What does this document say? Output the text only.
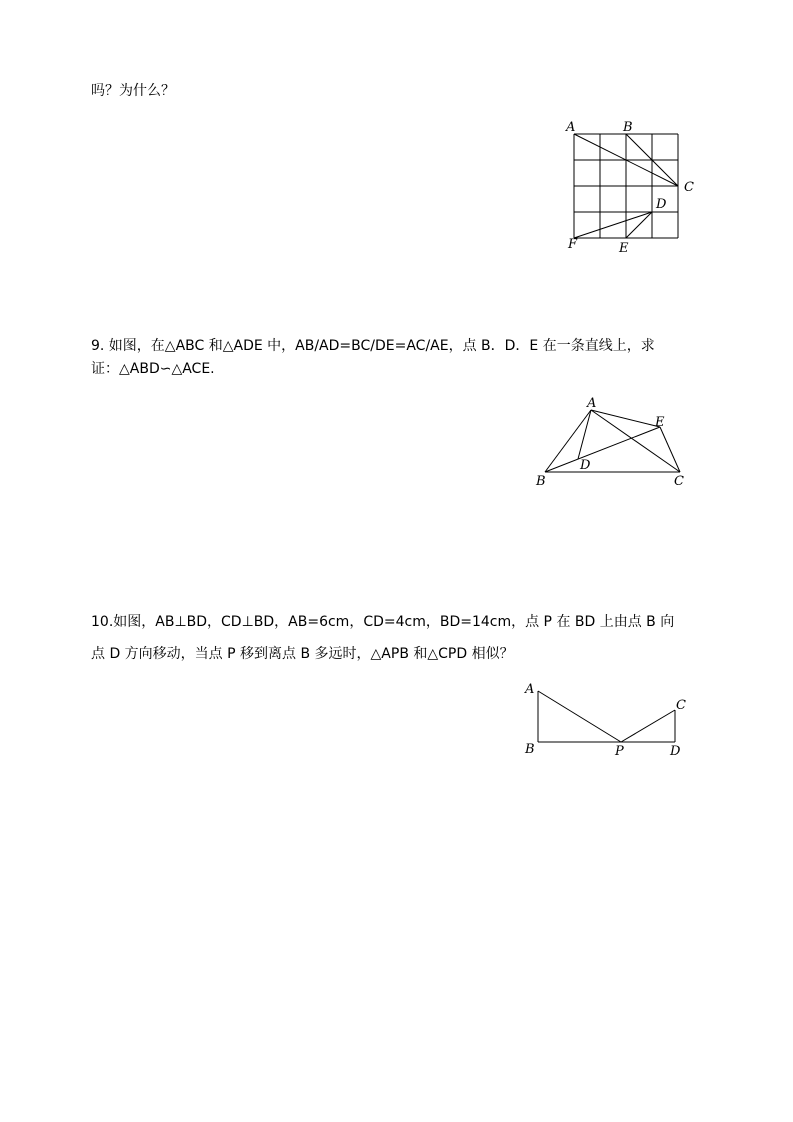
吗？为什么？
A	B
C
D
E
F
9. 如图，在△ABC 和△ADE 中，AB/AD=BC/DE=AC/AE，点 B．D．E 在一条直线上，求
证：△ABD∽△ACE.
A
B	C
D
E
10.如图，AB⊥BD，CD⊥BD，AB=6cm，CD=4cm，BD=14cm，点 P 在 BD 上由点 B 向
点 D 方向移动，当点 P 移到离点 B 多远时，△APB 和△CPD 相似？
A
B
C
D
P
